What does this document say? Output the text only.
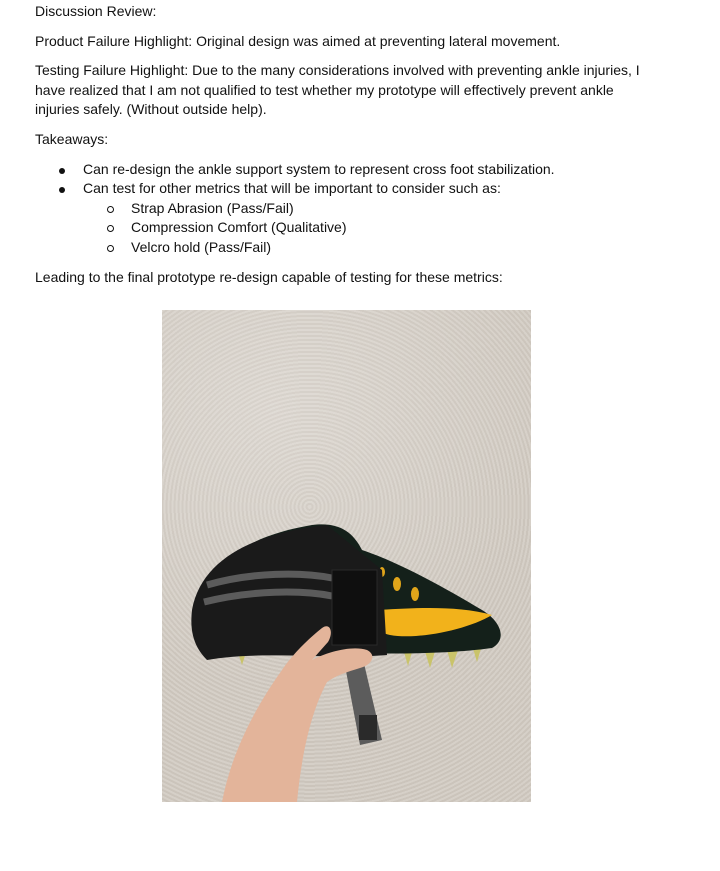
Discussion Review:

Product Failure Highlight: Original design was aimed at preventing lateral movement.

Testing Failure Highlight: Due to the many considerations involved with preventing ankle injuries, I have realized that I am not qualified to test whether my prototype will effectively prevent ankle injuries safely. (Without outside help).

Takeaways:

Can re-design the ankle support system to represent cross foot stabilization.
Can test for other metrics that will be important to consider such as:
Strap Abrasion (Pass/Fail)
Compression Comfort (Qualitative)
Velcro hold (Pass/Fail)

Leading to the final prototype re-design capable of testing for these metrics:
